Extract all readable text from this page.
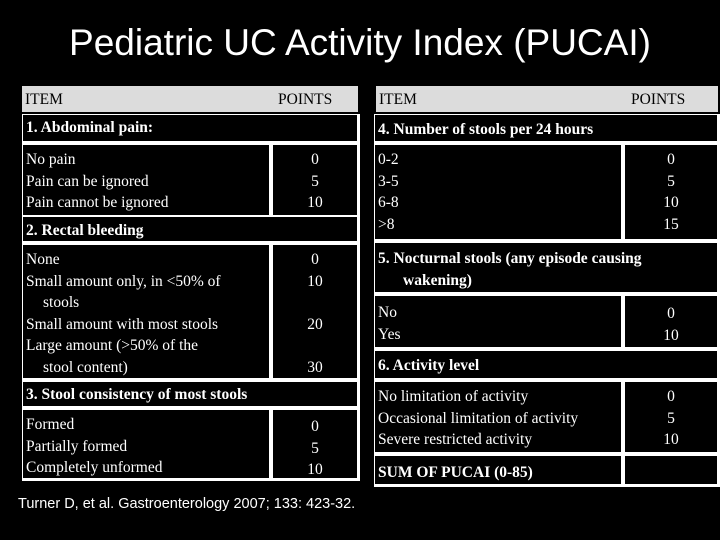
Pediatric UC Activity Index (PUCAI)
ITEM	POINTS
1. Abdominal pain:
No pain
Pain can be ignored
Pain cannot be ignored
0
5
10
2. Rectal bleeding
None
Small amount only, in <50% of
stools
Small amount with most stools
Large amount (>50% of the
stool content)
0
10
20
30
3. Stool consistency of most stools
Formed
Partially formed
Completely unformed
0
5
10
ITEM	POINTS
4. Number of stools per 24 hours
0-2
3-5
6-8
>8
0
5
10
15
5. Nocturnal stools (any episode causing
wakening)
No
Yes
0
10
6. Activity level
No limitation of activity
Occasional limitation of activity
Severe restricted activity
0
5
10
SUM OF PUCAI (0-85)
Turner D, et al. Gastroenterology 2007; 133: 423-32.
